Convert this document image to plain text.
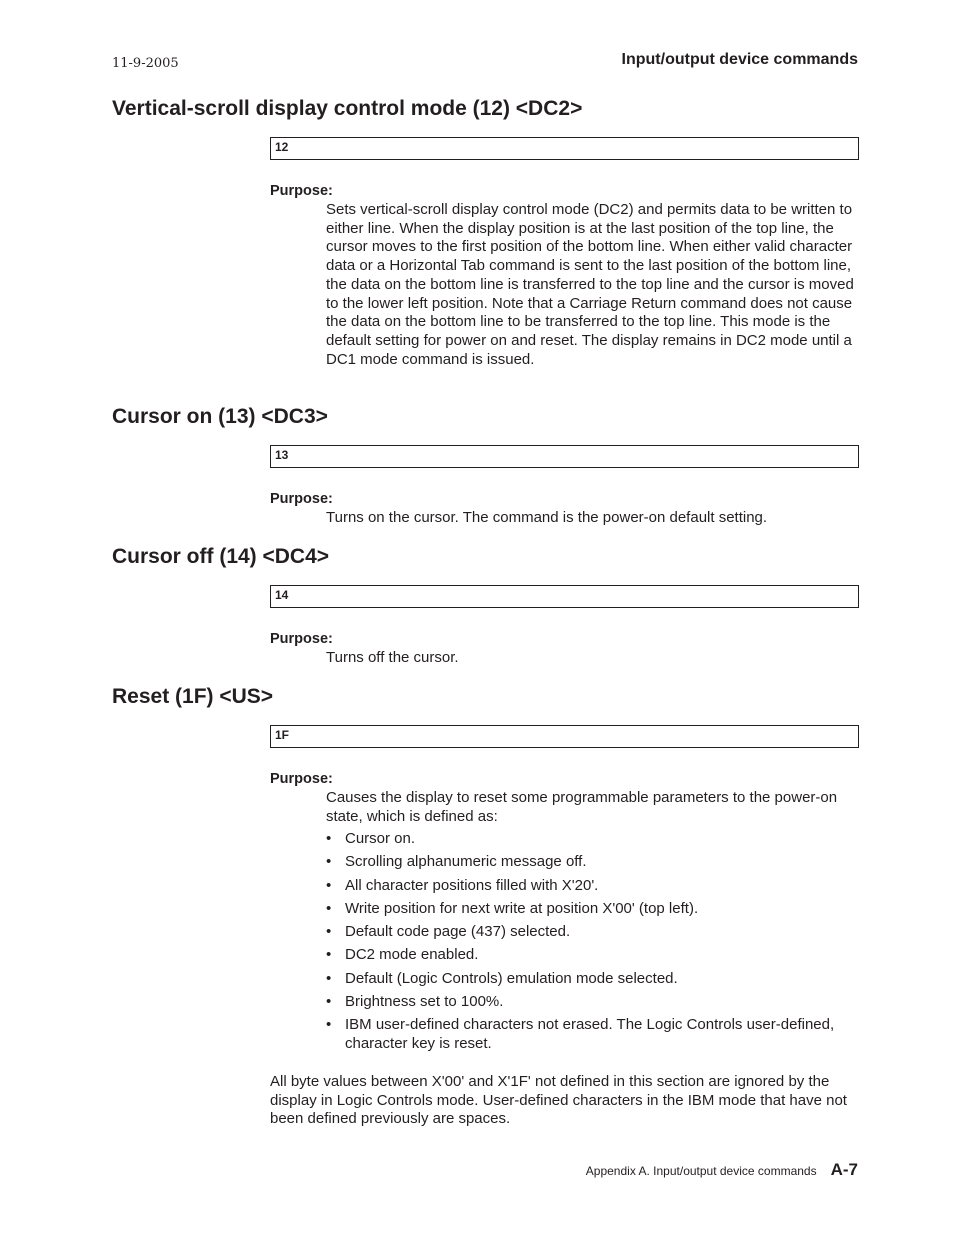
11-9-2005	Input/output device commands
Vertical-scroll display control mode (12) <DC2>
12
Purpose:

Sets vertical-scroll display control mode (DC2) and permits data to be written to either line. When the display position is at the last position of the top line, the cursor moves to the first position of the bottom line. When either valid character data or a Horizontal Tab command is sent to the last position of the bottom line, the data on the bottom line is transferred to the top line and the cursor is moved to the lower left position. Note that a Carriage Return command does not cause the data on the bottom line to be transferred to the top line. This mode is the default setting for power on and reset. The display remains in DC2 mode until a DC1 mode command is issued.

Cursor on (13) <DC3>
13
Purpose:

Turns on the cursor. The command is the power-on default setting.

Cursor off (14) <DC4>
14
Purpose:

Turns off the cursor.

Reset (1F) <US>
1F
Purpose:

Causes the display to reset some programmable parameters to the power-on state, which is defined as:

• Cursor on.
• Scrolling alphanumeric message off.
• All character positions filled with X'20'.
• Write position for next write at position X'00' (top left).
• Default code page (437) selected.
• DC2 mode enabled.
• Default (Logic Controls) emulation mode selected.
• Brightness set to 100%.
• IBM user-defined characters not erased. The Logic Controls user-defined, character key is reset.

All byte values between X'00' and X'1F' not defined in this section are ignored by the display in Logic Controls mode. User-defined characters in the IBM mode that have not been defined previously are spaces.

Appendix A. Input/output device commands A-7
